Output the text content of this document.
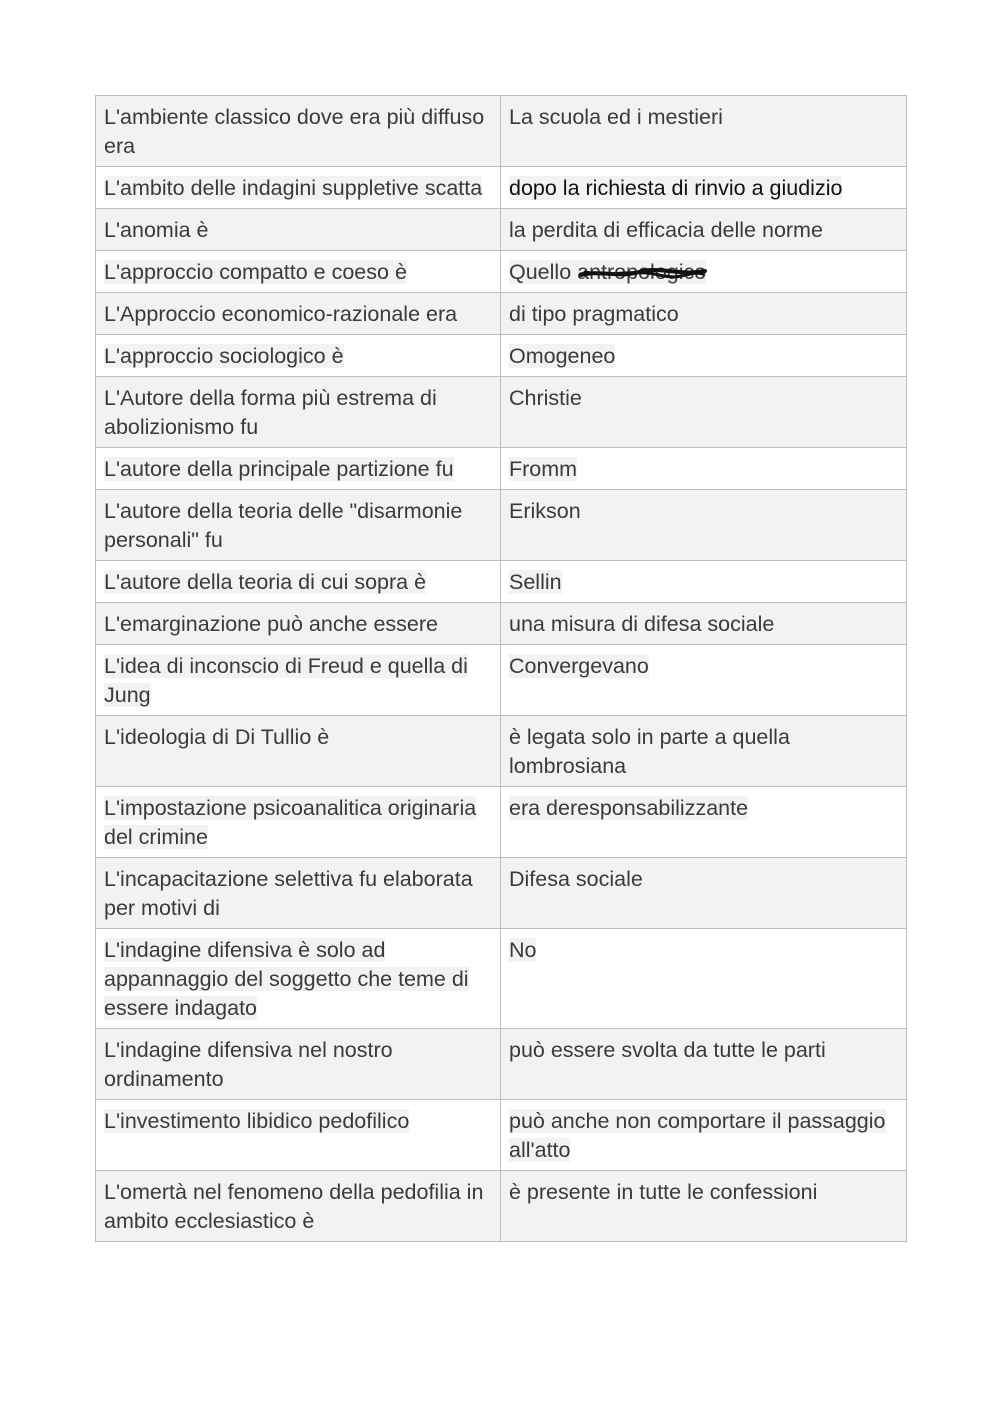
L'ambiente classico dove era più diffuso era	La scuola ed i mestieri
L'ambito delle indagini suppletive scatta	dopo la richiesta di rinvio a giudizio
L'anomia è	la perdita di efficacia delle norme
L'approccio compatto e coeso è	Quello antropologico

L'Approccio economico-razionale era	di tipo pragmatico
L'approccio sociologico è	Omogeneo
L'Autore della forma più estrema di abolizionismo fu	Christie
L'autore della principale partizione fu	Fromm
L'autore della teoria delle "disarmonie personali" fu	Erikson
L'autore della teoria di cui sopra è	Sellin
L'emarginazione può anche essere	una misura di difesa sociale
L'idea di inconscio di Freud e quella di Jung	Convergevano
L'ideologia di Di Tullio è	è legata solo in parte a quella lombrosiana
L'impostazione psicoanalitica originaria del crimine	era deresponsabilizzante
L'incapacitazione selettiva fu elaborata per motivi di	Difesa sociale
L'indagine difensiva è solo ad appannaggio del soggetto che teme di essere indagato	No
L'indagine difensiva nel nostro ordinamento	può essere svolta da tutte le parti
L'investimento libidico pedofilico	può anche non comportare il passaggio all'atto
L'omertà nel fenomeno della pedofilia in ambito ecclesiastico è	è presente in tutte le confessioni
